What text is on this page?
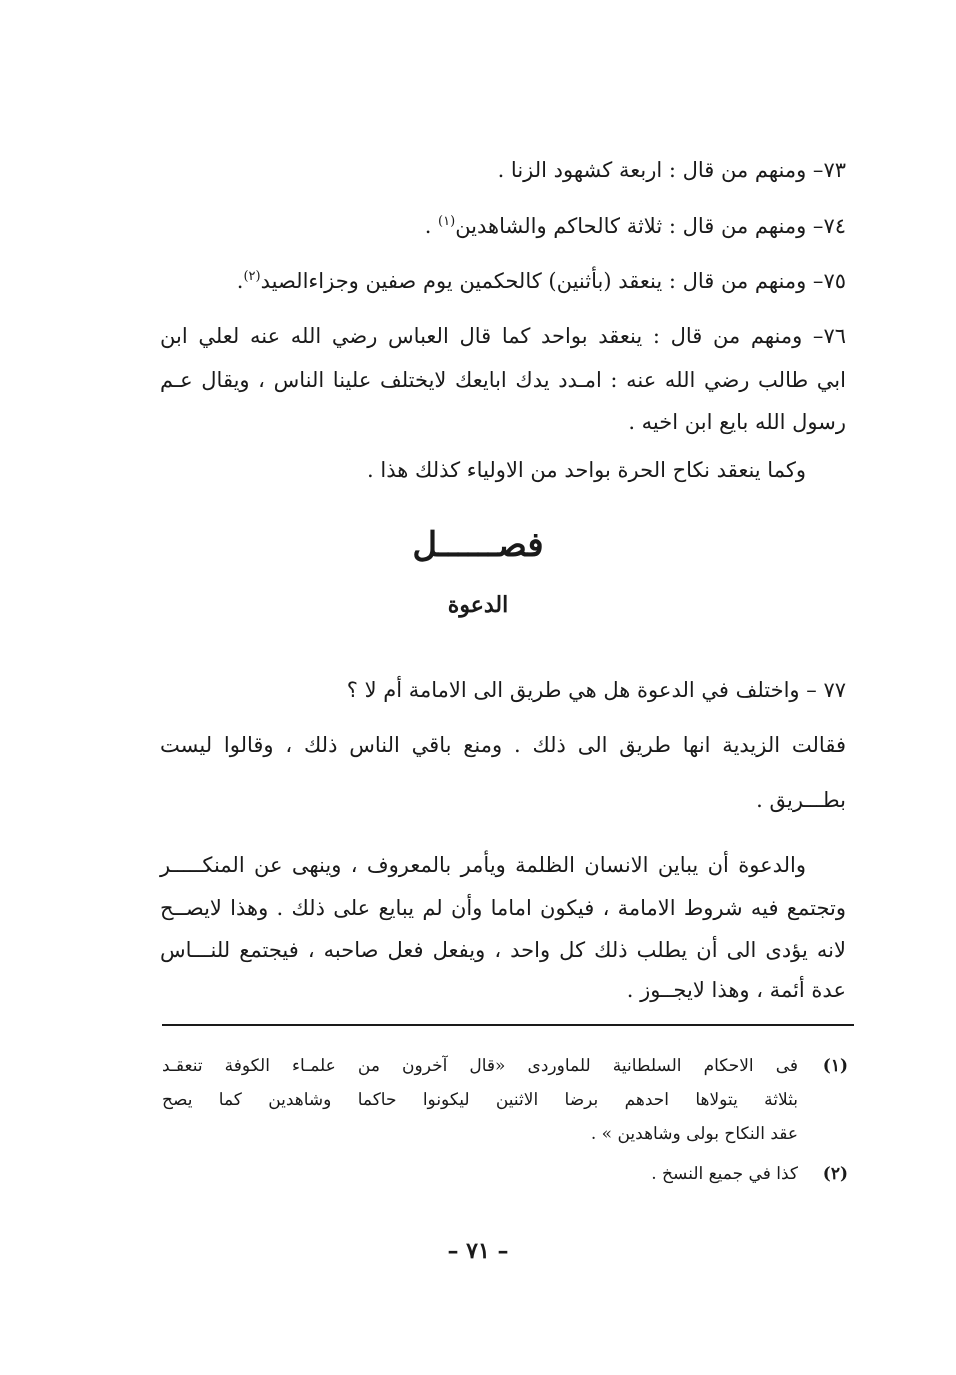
٧٣– ومنهم من قال : اربعة كشهود الزنا .
٧٤– ومنهم من قال : ثلاثة كالحاكم والشاهدين$^{(١)}$ .
٧٥– ومنهم من قال : ينعقد (بأثنين) كالحكمين يوم صفين وجزاءالصيد$^{(٢)}$.
٧٦– ومنهم من قال : ينعقد بواحد كما قال العباس رضي الله عنه لعلي ابن
ابي طالب رضي الله عنه : امـدد يدك ابايعك لايختلف علينا الناس ، ويقال عـم
رسول الله بايع ابن اخيه .
وكما ينعقد نكاح الحرة بواحد من الاولياء كذلك هذا .
فصــــــل
الدعوة
٧٧ – واختلف في الدعوة هل هي طريق الى الامامة أم لا ؟
فقالت الزيدية انها طريق الى ذلك . ومنع باقي الناس ذلك ، وقالوا ليست
بطـــريق .
والدعوة أن يباين الانسان الظلمة ويأمر بالمعروف ، وينهى عن المنكـــــر
وتجتمع فيه شروط الامامة ، فيكون اماما وأن لم يبايع على ذلك . وهذا لايصــح
لانه يؤدى الى أن يطلب ذلك كل واحد ، ويفعل فعل صاحبه ، فيجتمع للنـــاس
عدة أئمة ، وهذا لايجــوز .
(١)
فى الاحكام السلطانية للماوردى «قال آخرون من علمـاء الكوفة تنعقـد
بثلاثة يتولاها احدهم برضا الاثنين ليكونوا حاكما وشاهدين كما يصح
عقد النكاح بولى وشاهدين » .
(٢)
كذا في جميع النسخ .
– ٧١ –
